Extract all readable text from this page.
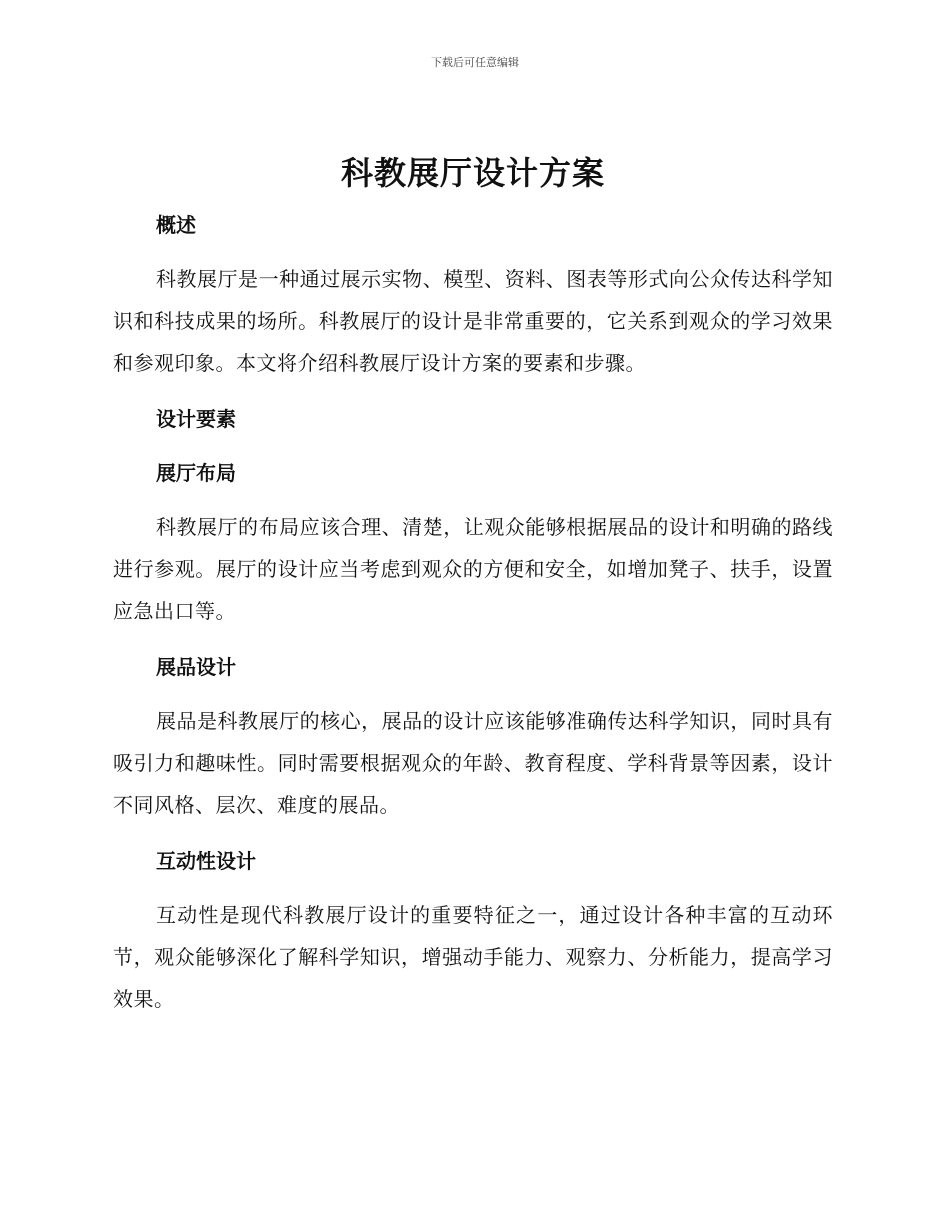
下载后可任意编辑
科教展厅设计方案
概述

科教展厅是一种通过展示实物、模型、资料、图表等形式向公众传达科学知识和科技成果的场所。科教展厅的设计是非常重要的，它关系到观众的学习效果和参观印象。本文将介绍科教展厅设计方案的要素和步骤。

设计要素
展厅布局

科教展厅的布局应该合理、清楚，让观众能够根据展品的设计和明确的路线进行参观。展厅的设计应当考虑到观众的方便和安全，如增加凳子、扶手，设置应急出口等。

展品设计

展品是科教展厅的核心，展品的设计应该能够准确传达科学知识，同时具有吸引力和趣味性。同时需要根据观众的年龄、教育程度、学科背景等因素，设计不同风格、层次、难度的展品。

互动性设计

互动性是现代科教展厅设计的重要特征之一，通过设计各种丰富的互动环节，观众能够深化了解科学知识，增强动手能力、观察力、分析能力，提高学习效果。
